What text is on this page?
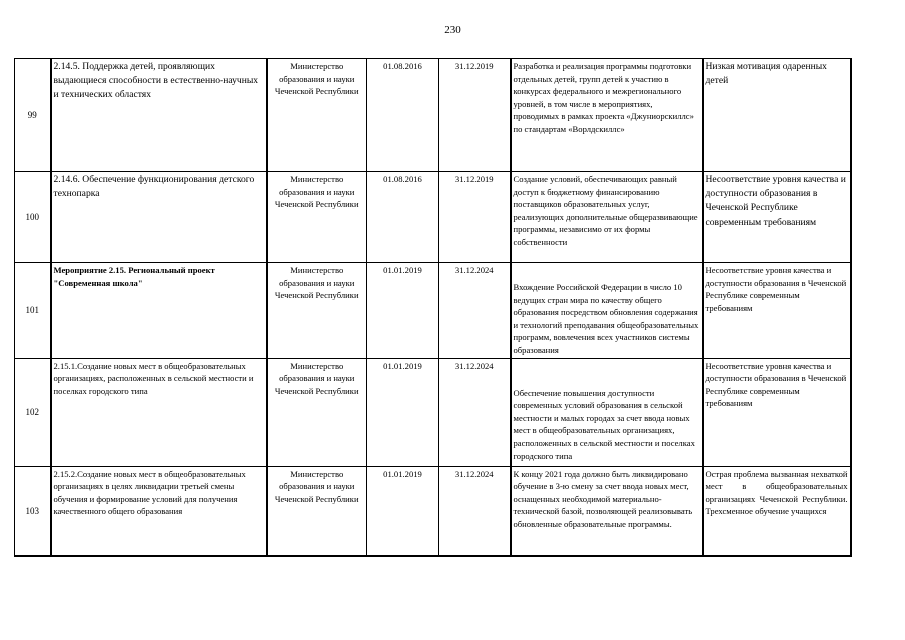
230
99	2.14.5. Поддержка детей, проявляющих выдающиеся способности в естественно-научных и технических областях	Министерство образования и науки Чеченской Республики	01.08.2016	31.12.2019	Разработка и реализация программы подготовки отдельных детей, групп детей к участию в конкурсах федерального и межрегионального уровней, в том числе в мероприятиях, проводимых в рамках проекта «Джуниорскиллс» по стандартам «Ворлдскиллс»	Низкая мотивация одаренных детей
100	2.14.6. Обеспечение функционирования детского технопарка	Министерство образования и науки Чеченской Республики	01.08.2016	31.12.2019	Создание условий, обеспечивающих равный доступ к бюджетному финансированию поставщиков образовательных услуг, реализующих дополнительные общеразвивающие программы, независимо от их формы собственности	Несоответствие уровня качества и доступности образования в Чеченской Республике современным требованиям
101	Мероприятие 2.15. Региональный проект "Современная школа"	Министерство образования и науки Чеченской Республики	01.01.2019	31.12.2024	Вхождение Российской Федерации в число 10 ведущих стран мира по качеству общего образования посредством обновления содержания и технологий преподавания общеобразовательных программ, вовлечения всех участников системы образования	Несоответствие уровня качества и доступности образования в Чеченской Республике современным требованиям
102	2.15.1.Создание новых мест в общеобразовательных организациях, расположенных в сельской местности и поселках городского типа	Министерство образования и науки Чеченской Республики	01.01.2019	31.12.2024	Обеспечение повышения доступности современных условий образования в сельской местности и малых городах за счет ввода новых мест в общеобразовательных организациях, расположенных в сельской местности и поселках городского типа	Несоответствие уровня качества и доступности образования в Чеченской Республике современным требованиям
103	2.15.2.Создание новых мест в общеобразовательных организациях в целях ликвидации третьей смены обучения и формирование условий для получения качественного общего образования	Министерство образования и науки Чеченской Республики	01.01.2019	31.12.2024	К концу 2021 года должно быть ликвидировано обучение в 3-ю смену за счет ввода новых мест, оснащенных необходимой материально-технической базой, позволяющей реализовывать обновленные образовательные программы.	Острая проблема вызванная нехваткой мест в общеобразовательных организациях Чеченской Республики. Трехсменное обучение учащихся
